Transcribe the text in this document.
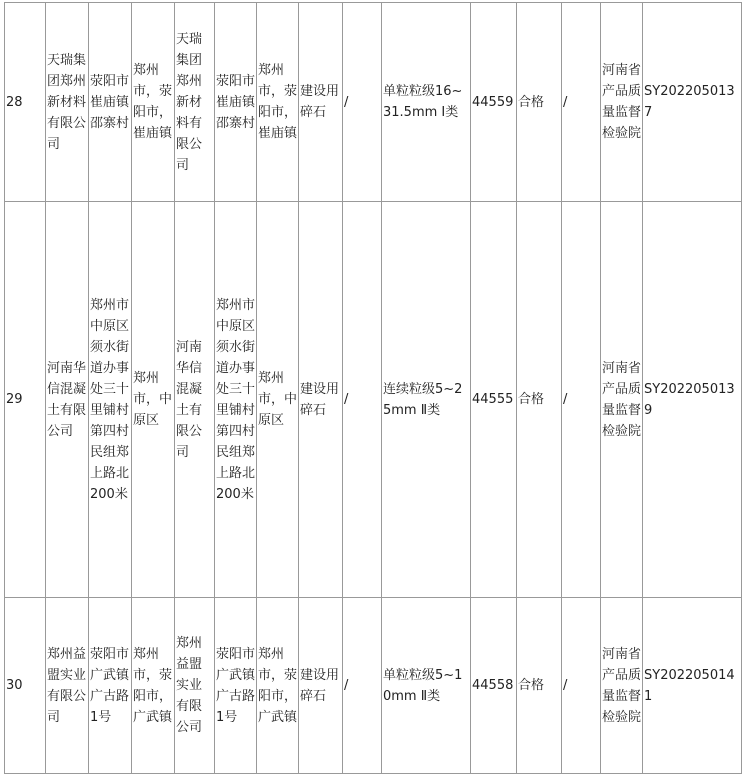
28	天瑞集团郑州新材料有限公司	荥阳市崔庙镇邵寨村	郑州市，荥阳市，崔庙镇	天瑞集团郑州新材料有限公司	荥阳市崔庙镇邵寨村	郑州市，荥阳市，崔庙镇	建设用碎石	/	单粒粒级16~31.5mm Ⅰ类	44559	合格	/	河南省产品质量监督检验院	SY2022050137
29	河南华信混凝土有限公司	郑州市中原区须水街道办事处三十里铺村第四村民组郑上路北200米	郑州市，中原区	河南华信混凝土有限公司	郑州市中原区须水街道办事处三十里铺村第四村民组郑上路北200米	郑州市，中原区	建设用碎石	/	连续粒级5~25mm Ⅱ类	44555	合格	/	河南省产品质量监督检验院	SY2022050139
30	郑州益盟实业有限公司	荥阳市广武镇广古路1号	郑州市，荥阳市，广武镇	郑州益盟实业有限公司	荥阳市广武镇广古路1号	郑州市，荥阳市，广武镇	建设用碎石	/	单粒粒级5~10mm Ⅱ类	44558	合格	/	河南省产品质量监督检验院	SY2022050141
